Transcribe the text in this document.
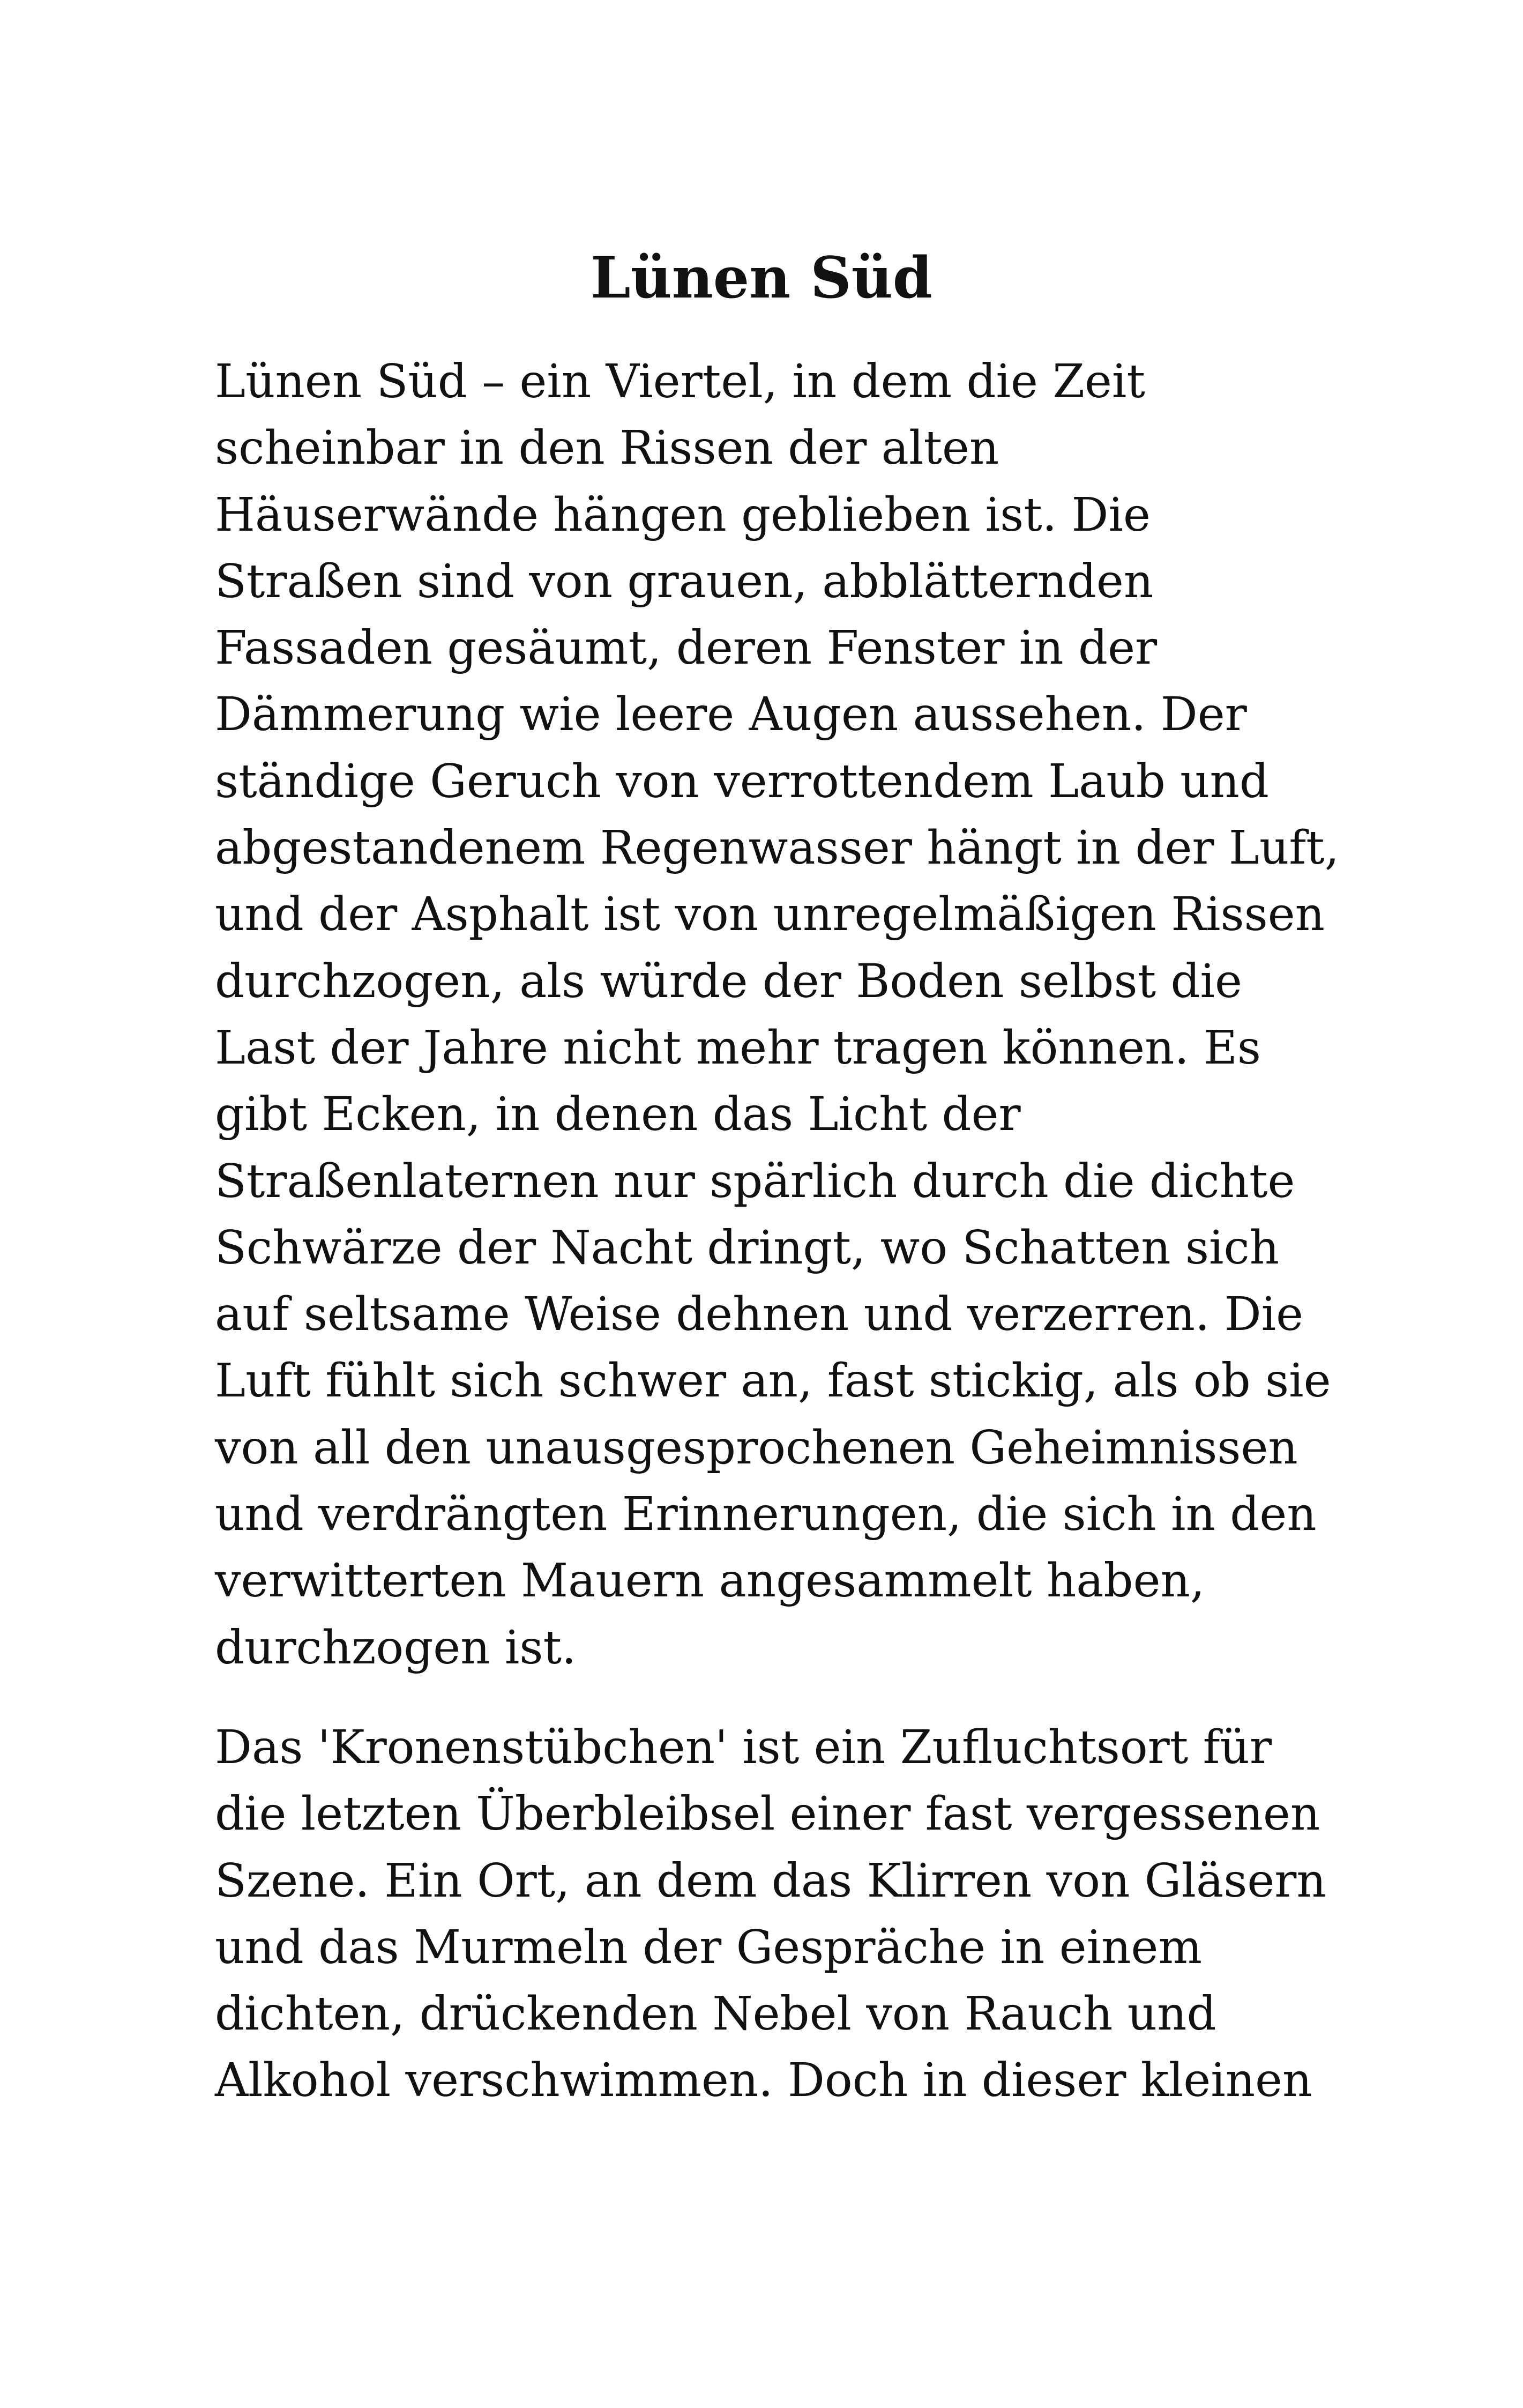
Lünen Süd

Lünen Süd – ein Viertel, in dem die Zeit
scheinbar in den Rissen der alten
Häuserwände hängen geblieben ist. Die
Straßen sind von grauen, abblätternden
Fassaden gesäumt, deren Fenster in der
Dämmerung wie leere Augen aussehen. Der
ständige Geruch von verrottendem Laub und
abgestandenem Regenwasser hängt in der Luft,
und der Asphalt ist von unregelmäßigen Rissen
durchzogen, als würde der Boden selbst die
Last der Jahre nicht mehr tragen können. Es
gibt Ecken, in denen das Licht der
Straßenlaternen nur spärlich durch die dichte
Schwärze der Nacht dringt, wo Schatten sich
auf seltsame Weise dehnen und verzerren. Die
Luft fühlt sich schwer an, fast stickig, als ob sie
von all den unausgesprochenen Geheimnissen
und verdrängten Erinnerungen, die sich in den
verwitterten Mauern angesammelt haben,
durchzogen ist.

Das 'Kronenstübchen' ist ein Zufluchtsort für
die letzten Überbleibsel einer fast vergessenen
Szene. Ein Ort, an dem das Klirren von Gläsern
und das Murmeln der Gespräche in einem
dichten, drückenden Nebel von Rauch und
Alkohol verschwimmen. Doch in dieser kleinen
